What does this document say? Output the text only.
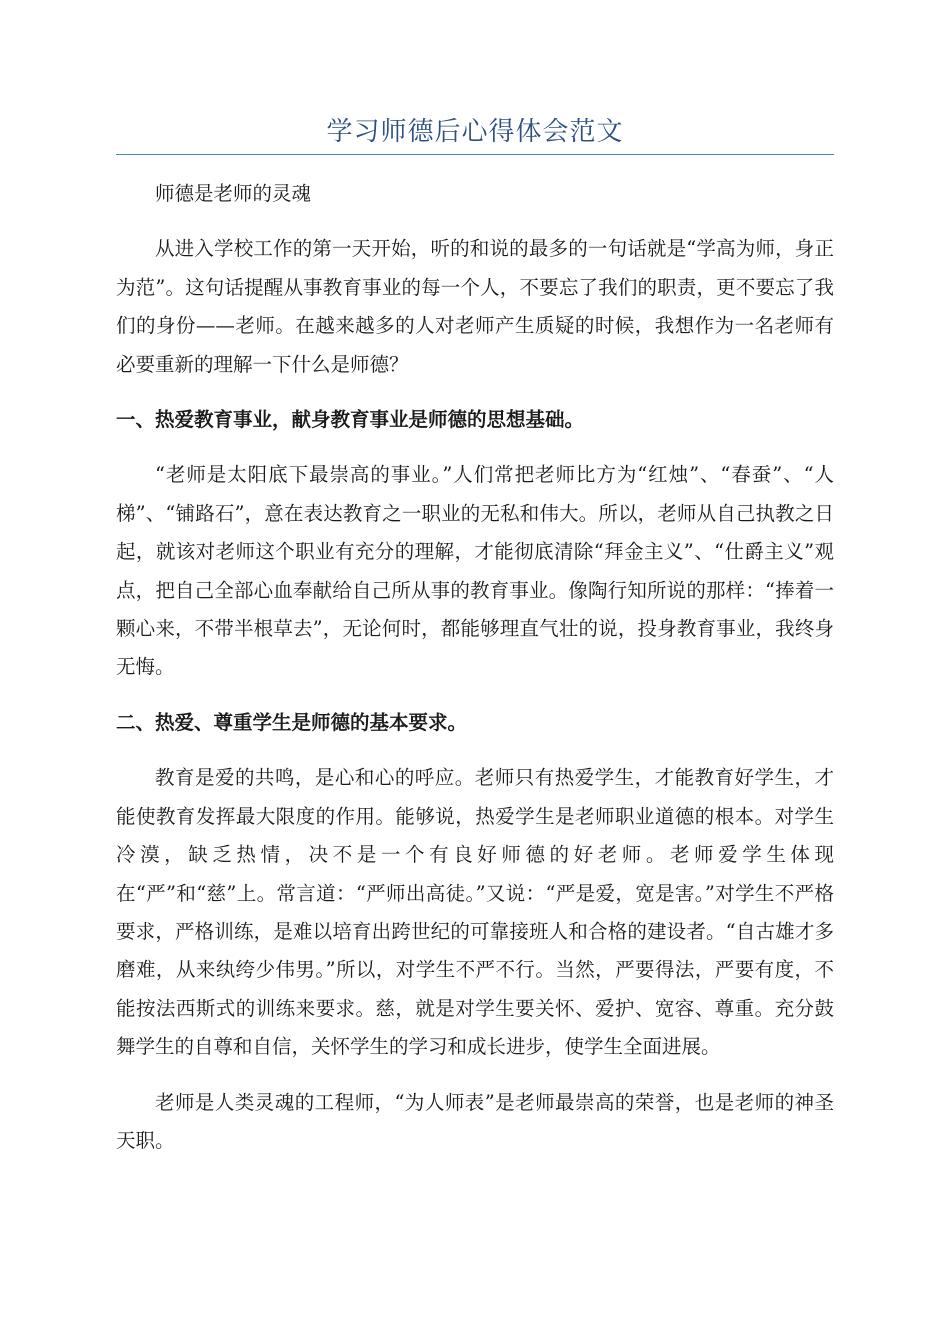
学习师德后心得体会范文

师德是老师的灵魂

从进入学校工作的第一天开始，听的和说的最多的一句话就是“学高为师，身正为范”。这句话提醒从事教育事业的每一个人，不要忘了我们的职责，更不要忘了我们的身份——老师。在越来越多的人对老师产生质疑的时候，我想作为一名老师有必要重新的理解一下什么是师德？

一、热爱教育事业，献身教育事业是师德的思想基础。

“老师是太阳底下最崇高的事业。”人们常把老师比方为“红烛”、“春蚕”、“人梯”、“铺路石”，意在表达教育之一职业的无私和伟大。所以，老师从自己执教之日起，就该对老师这个职业有充分的理解，才能彻底清除“拜金主义”、“仕爵主义”观点，把自己全部心血奉献给自己所从事的教育事业。像陶行知所说的那样：“捧着一颗心来，不带半根草去”，无论何时，都能够理直气壮的说，投身教育事业，我终身无悔。

二、热爱、尊重学生是师德的基本要求。

教育是爱的共鸣，是心和心的呼应。老师只有热爱学生，才能教育好学生，才能使教育发挥最大限度的作用。能够说，热爱学生是老师职业道德的根本。对学生冷漠，缺乏热情，决不是一个有良好师德的好老师。老师爱学生体现在“严”和“慈”上。常言道：“严师出高徒。”又说：“严是爱，宽是害。”对学生不严格要求，严格训练，是难以培育出跨世纪的可靠接班人和合格的建设者。“自古雄才多磨难，从来纨绔少伟男。”所以，对学生不严不行。当然，严要得法，严要有度，不能按法西斯式的训练来要求。慈，就是对学生要关怀、爱护、宽容、尊重。充分鼓舞学生的自尊和自信，关怀学生的学习和成长进步，使学生全面进展。

老师是人类灵魂的工程师，“为人师表”是老师最崇高的荣誉，也是老师的神圣天职。
